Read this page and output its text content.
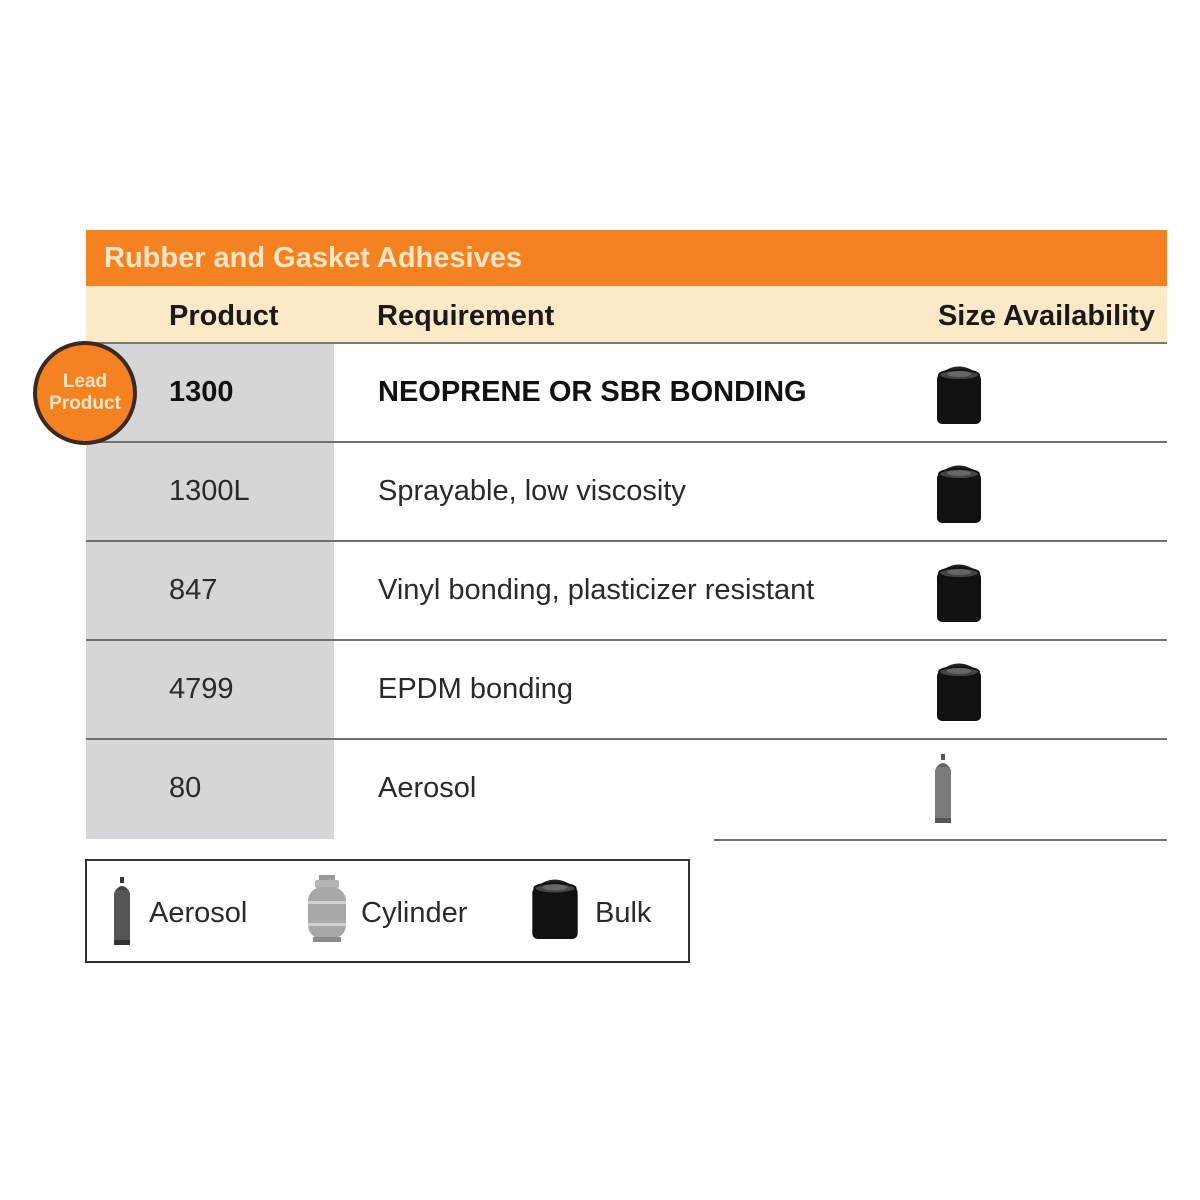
Rubber and Gasket Adhesives
Product	Requirement	Size Availability
1300	NEOPRENE OR SBR BONDING
1300L	Sprayable, low viscosity
847	Vinyl bonding, plasticizer resistant
4799	EPDM bonding
80	Aerosol
Lead
Product
Aerosol	Cylinder	Bulk
